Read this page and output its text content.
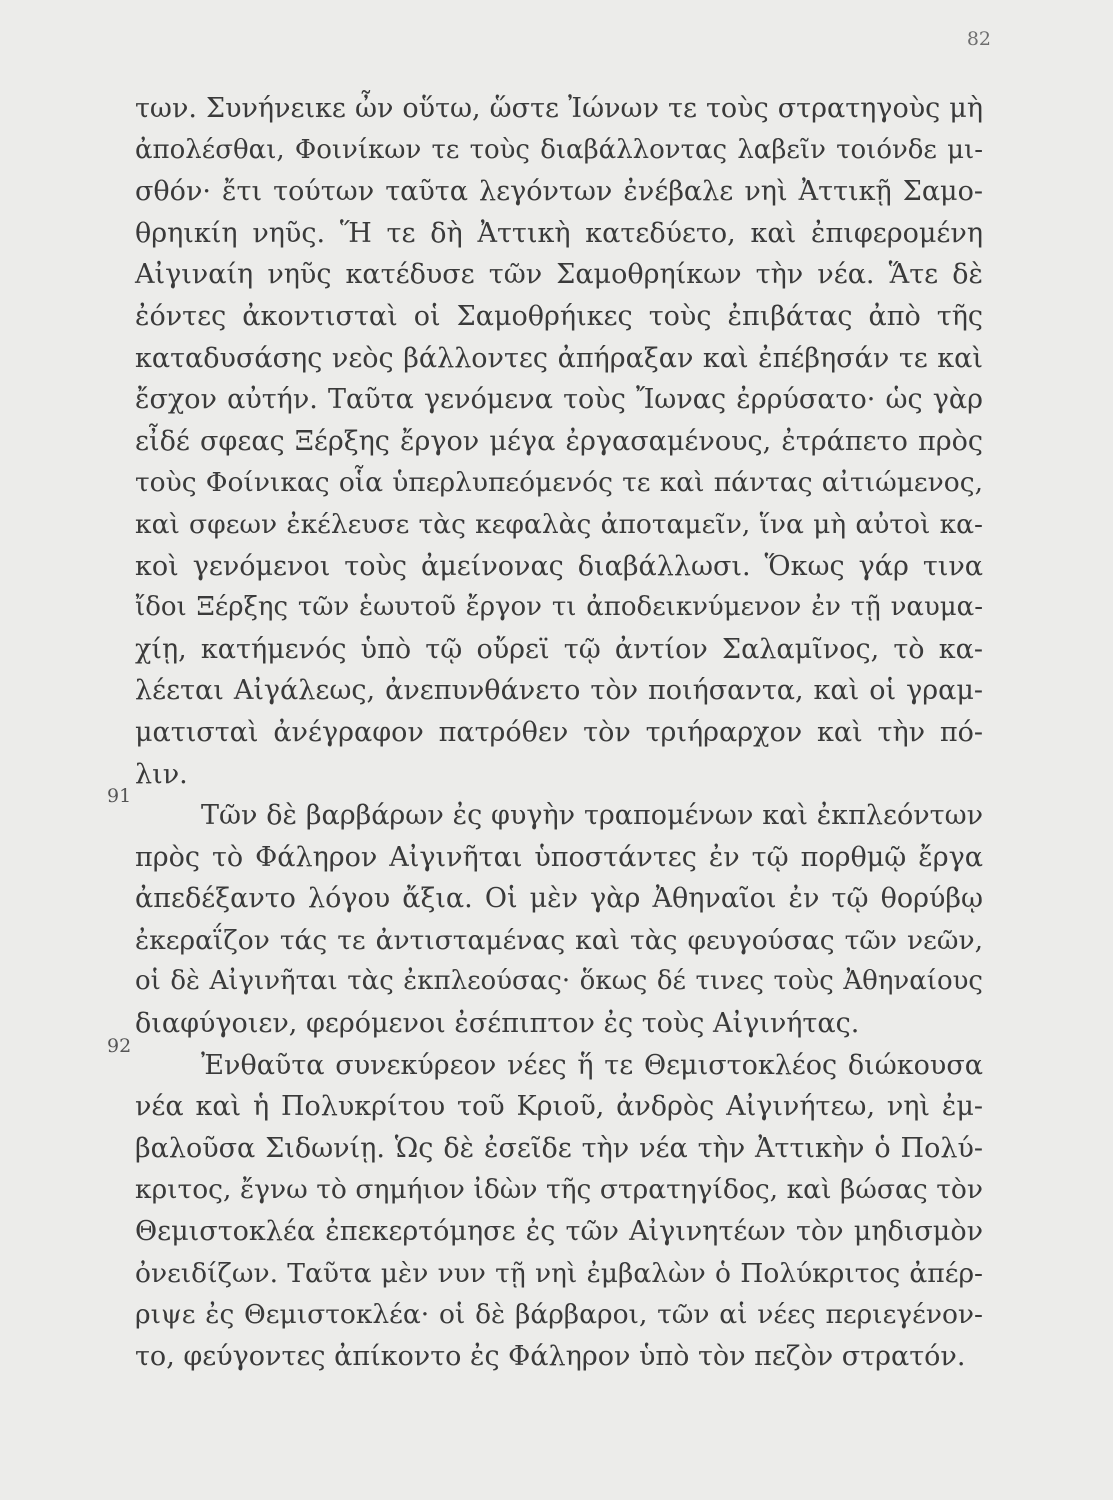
82
των. Συνήνεικε ὦν οὕτω, ὥστε Ἰώνων τε τοὺς στρατηγοὺς μὴ
ἀπολέσθαι, Φοινίκων τε τοὺς διαβάλλοντας λαβεῖν τοιόνδε μι-
σθόν· ἔτι τούτων ταῦτα λεγόντων ἐνέβαλε νηὶ Ἀττικῇ Σαμο-
θρηικίη νηῦς. Ἥ τε δὴ Ἀττικὴ κατεδύετο, καὶ ἐπιφερομένη
Αἰγιναίη νηῦς κατέδυσε τῶν Σαμοθρηίκων τὴν νέα. Ἅτε δὲ
ἐόντες ἀκοντισταὶ οἱ Σαμοθρήικες τοὺς ἐπιβάτας ἀπὸ τῆς
καταδυσάσης νεὸς βάλλοντες ἀπήραξαν καὶ ἐπέβησάν τε καὶ
ἔσχον αὐτήν. Ταῦτα γενόμενα τοὺς Ἴωνας ἐρρύσατο· ὡς γὰρ
εἶδέ σφεας Ξέρξης ἔργον μέγα ἐργασαμένους, ἐτράπετο πρὸς
τοὺς Φοίνικας οἷα ὑπερλυπεόμενός τε καὶ πάντας αἰτιώμενος,
καὶ σφεων ἐκέλευσε τὰς κεφαλὰς ἀποταμεῖν, ἵνα μὴ αὐτοὶ κα-
κοὶ γενόμενοι τοὺς ἀμείνονας διαβάλλωσι. Ὅκως γάρ τινα
ἴδοι Ξέρξης τῶν ἑωυτοῦ ἔργον τι ἀποδεικνύμενον ἐν τῇ ναυμα-
χίῃ, κατήμενός ὑπὸ τῷ οὔρεϊ τῷ ἀντίον Σαλαμῖνος, τὸ κα-
λέεται Αἰγάλεως, ἀνεπυνθάνετο τὸν ποιήσαντα, καὶ οἱ γραμ-
ματισταὶ ἀνέγραφον πατρόθεν τὸν τριήραρχον καὶ τὴν πό-
λιν.
Τῶν δὲ βαρβάρων ἐς φυγὴν τραπομένων καὶ ἐκπλεόντων
πρὸς τὸ Φάληρον Αἰγινῆται ὑποστάντες ἐν τῷ πορθμῷ ἔργα
ἀπεδέξαντο λόγου ἄξια. Οἱ μὲν γὰρ Ἀθηναῖοι ἐν τῷ θορύβῳ
ἐκεραΐζον τάς τε ἀντισταμένας καὶ τὰς φευγούσας τῶν νεῶν,
οἱ δὲ Αἰγινῆται τὰς ἐκπλεούσας· ὅκως δέ τινες τοὺς Ἀθηναίους
διαφύγοιεν, φερόμενοι ἐσέπιπτον ἐς τοὺς Αἰγινήτας.
Ἐνθαῦτα συνεκύρεον νέες ἥ τε Θεμιστοκλέος διώκουσα
νέα καὶ ἡ Πολυκρίτου τοῦ Κριοῦ, ἀνδρὸς Αἰγινήτεω, νηὶ ἐμ-
βαλοῦσα Σιδωνίῃ. Ὡς δὲ ἐσεῖδε τὴν νέα τὴν Ἀττικὴν ὁ Πολύ-
κριτος, ἔγνω τὸ σημήιον ἰδὼν τῆς στρατηγίδος, καὶ βώσας τὸν
Θεμιστοκλέα ἐπεκερτόμησε ἐς τῶν Αἰγινητέων τὸν μηδισμὸν
ὀνειδίζων. Ταῦτα μὲν νυν τῇ νηὶ ἐμβαλὼν ὁ Πολύκριτος ἀπέρ-
ριψε ἐς Θεμιστοκλέα· οἱ δὲ βάρβαροι, τῶν αἱ νέες περιεγένον-
το, φεύγοντες ἀπίκοντο ἐς Φάληρον ὑπὸ τὸν πεζὸν στρατόν.
91
92
